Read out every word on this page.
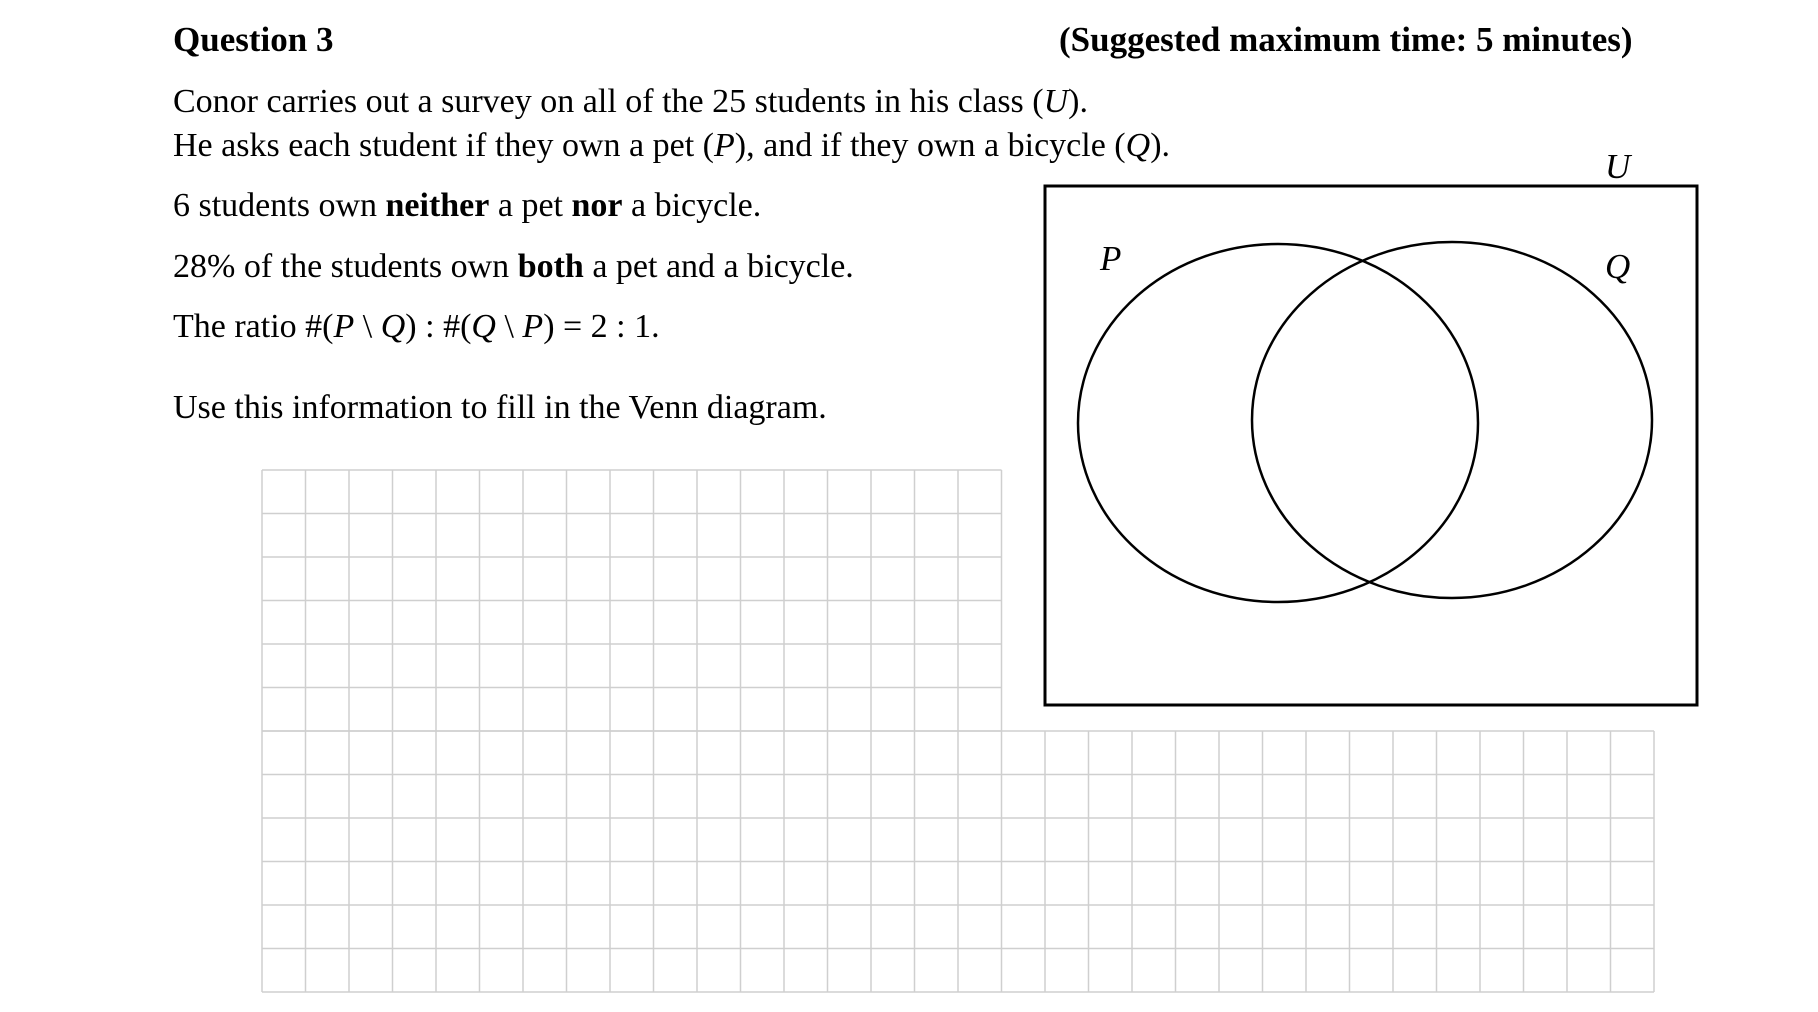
Question 3	(Suggested maximum time: 5 minutes)
Conor carries out a survey on all of the 25 students in his class (U).
He asks each student if they own a pet (P), and if they own a bicycle (Q).
6 students own neither a pet nor a bicycle.
28% of the students own both a pet and a bicycle.
The ratio #(P \ Q) : #(Q \ P) = 2 : 1.
Use this information to fill in the Venn diagram.
U
P	Q
